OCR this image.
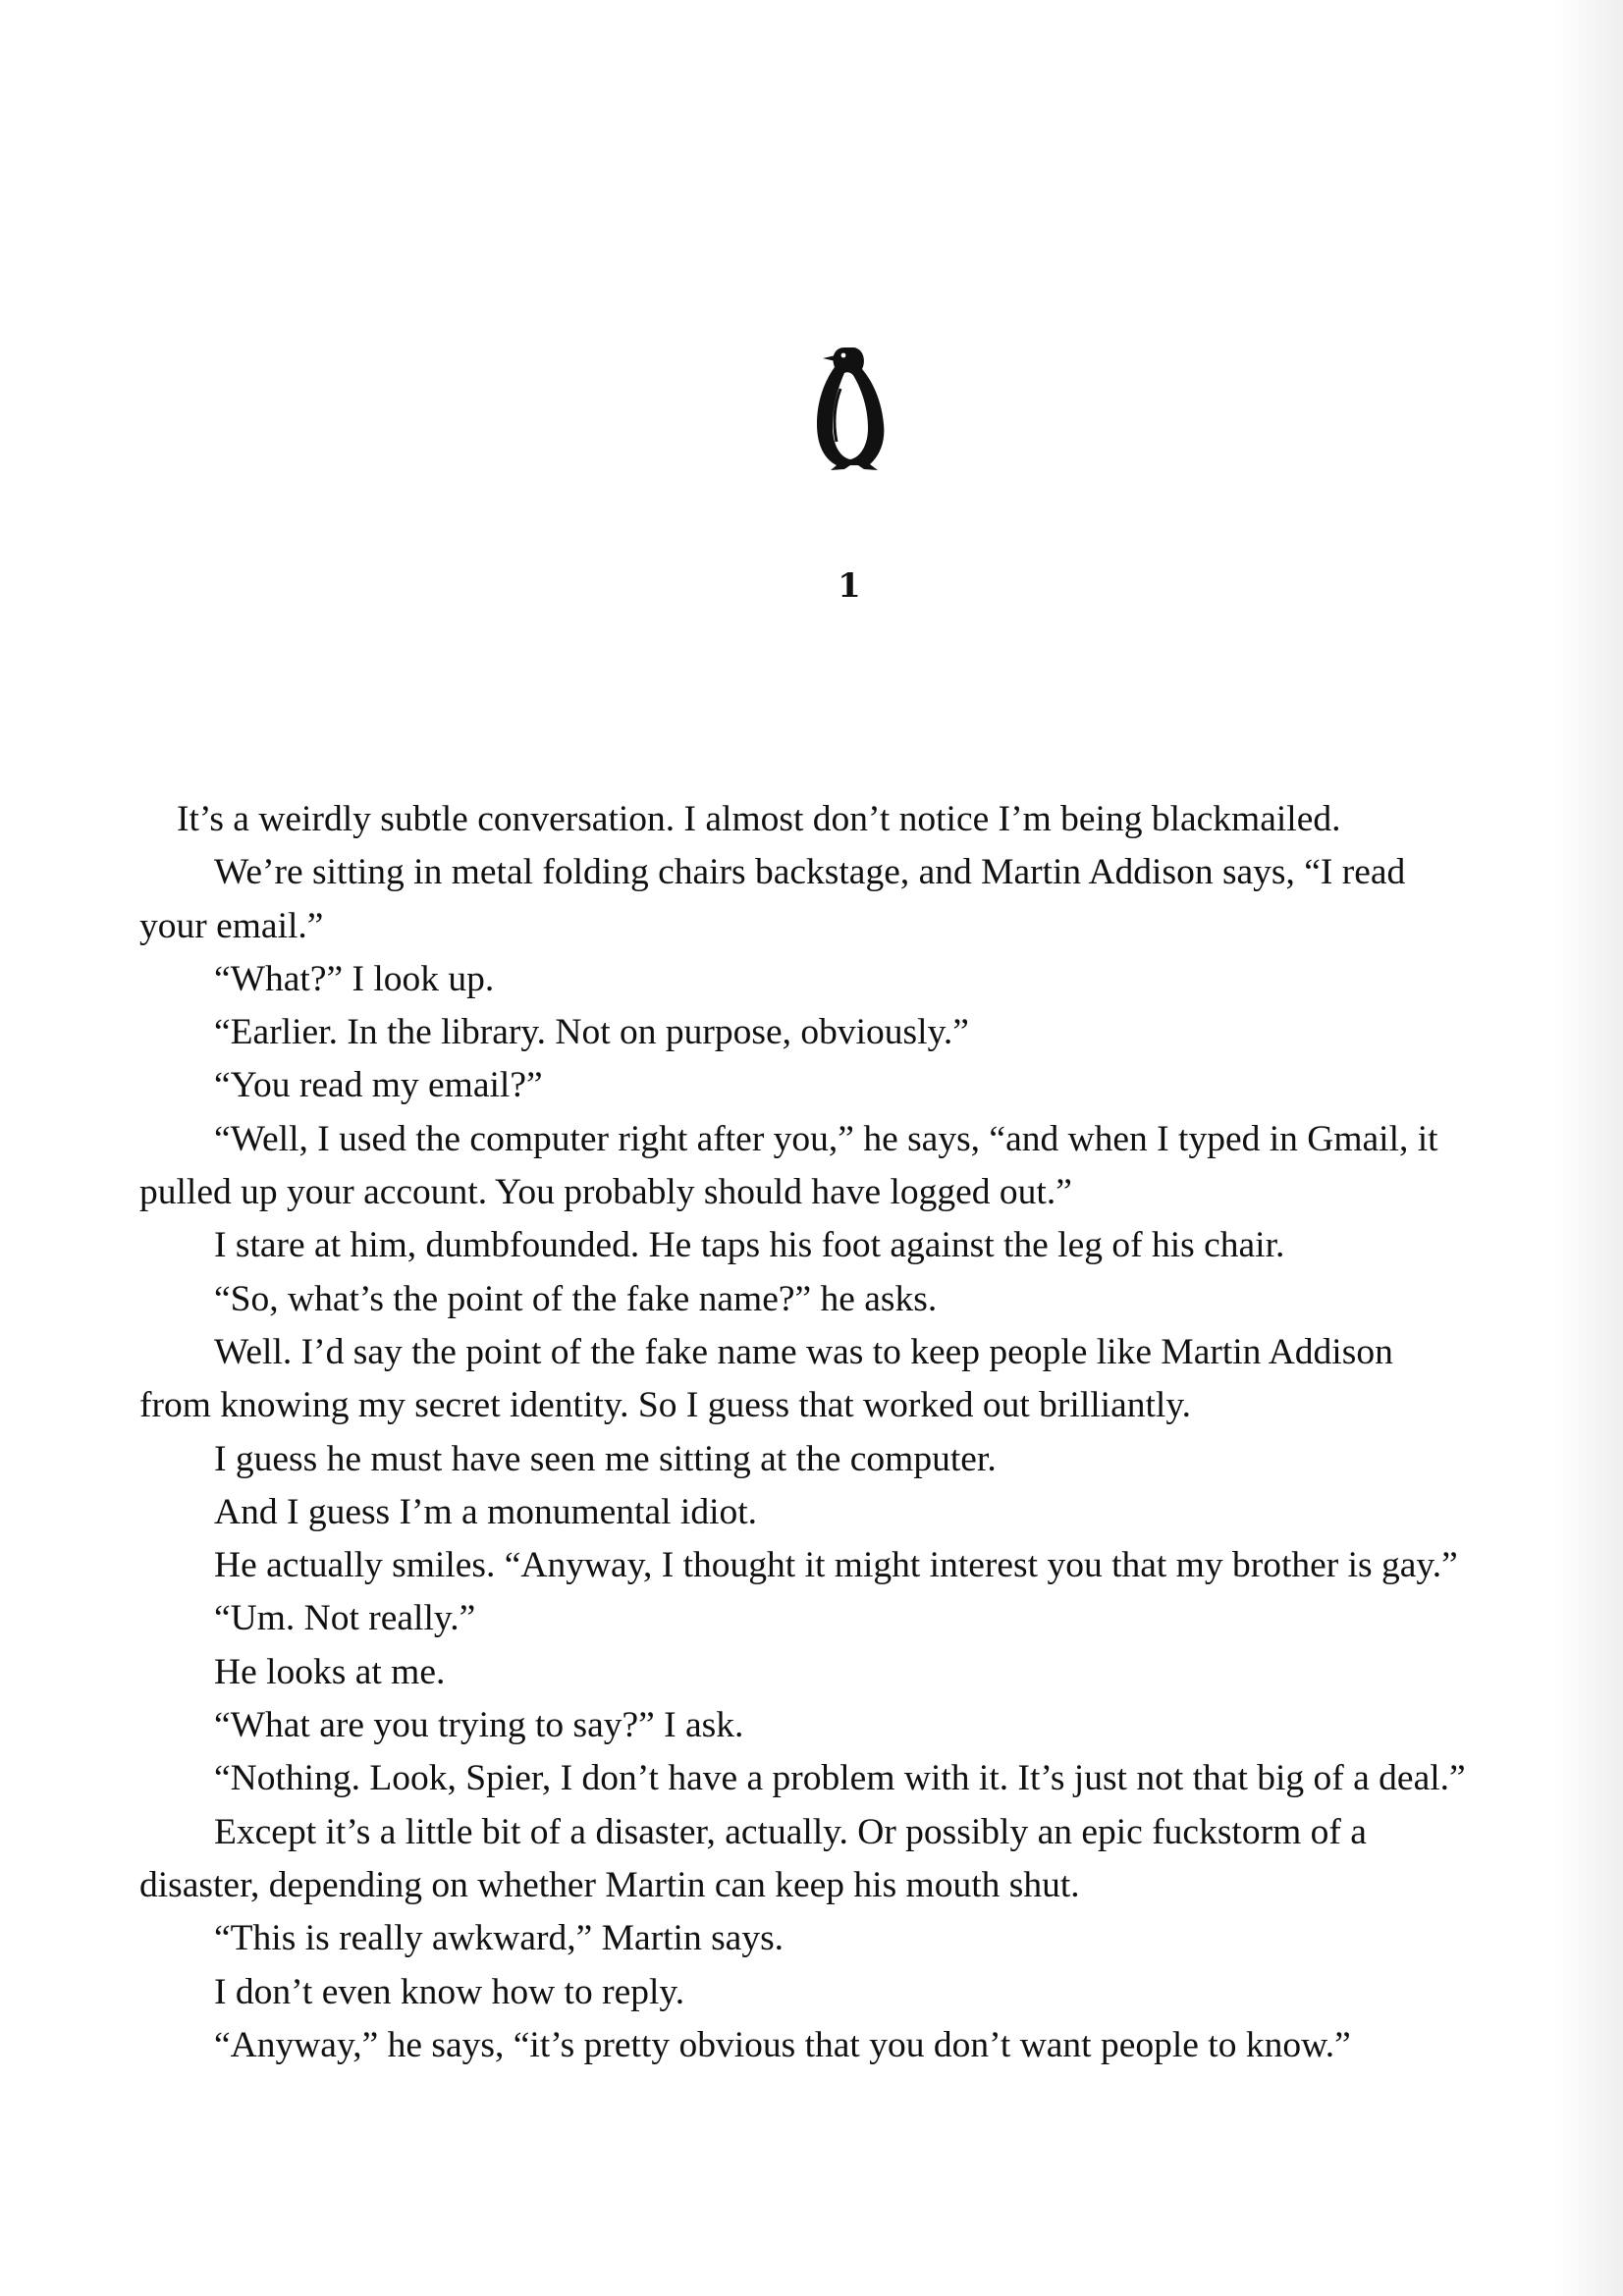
1

It’s a weirdly subtle conversation. I almost don’t notice I’m being blackmailed.

We’re sitting in metal folding chairs backstage, and Martin Addison says, “I read
your email.”

“What?” I look up.

“Earlier. In the library. Not on purpose, obviously.”

“You read my email?”

“Well, I used the computer right after you,” he says, “and when I typed in Gmail, it
pulled up your account. You probably should have logged out.”

I stare at him, dumbfounded. He taps his foot against the leg of his chair.

“So, what’s the point of the fake name?” he asks.

Well. I’d say the point of the fake name was to keep people like Martin Addison
from knowing my secret identity. So I guess that worked out brilliantly.

I guess he must have seen me sitting at the computer.

And I guess I’m a monumental idiot.

He actually smiles. “Anyway, I thought it might interest you that my brother is gay.”

“Um. Not really.”

He looks at me.

“What are you trying to say?” I ask.

“Nothing. Look, Spier, I don’t have a problem with it. It’s just not that big of a deal.”

Except it’s a little bit of a disaster, actually. Or possibly an epic fuckstorm of a
disaster, depending on whether Martin can keep his mouth shut.

“This is really awkward,” Martin says.

I don’t even know how to reply.

“Anyway,” he says, “it’s pretty obvious that you don’t want people to know.”
